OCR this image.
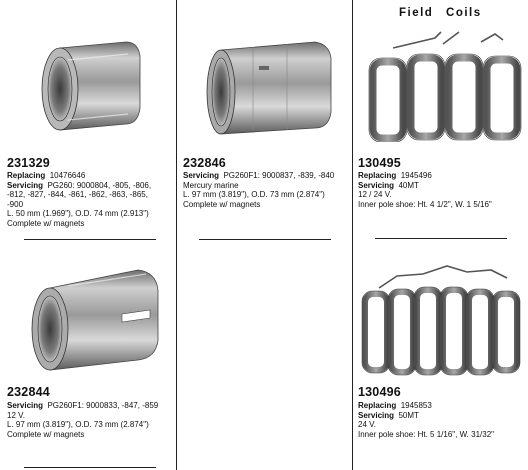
231329
Replacing 10476646
Servicing PG260: 9000804, -805, -806,
-812, -827, -844, -861, -862, -863, -865,
-900
L. 50 mm (1.969"), O.D. 74 mm (2.913")
Complete w/ magnets
232846
Servicing PG260F1: 9000837, -839, -840
Mercury marine
L. 97 mm (3.819"), O.D. 73 mm (2.874")
Complete w/ magnets
Field Coils
130495
Replacing 1945496
Servicing 40MT
12 / 24 V.
Inner pole shoe: Ht. 4 1/2", W. 1 5/16"
232844
Servicing PG260F1: 9000833, -847, -859
12 V.
L. 97 mm (3.819"), O.D. 73 mm (2.874")
Complete w/ magnets
130496
Replacing 1945853
Servicing 50MT
24 V.
Inner pole shoe: Ht. 5 1/16", W. 31/32"
